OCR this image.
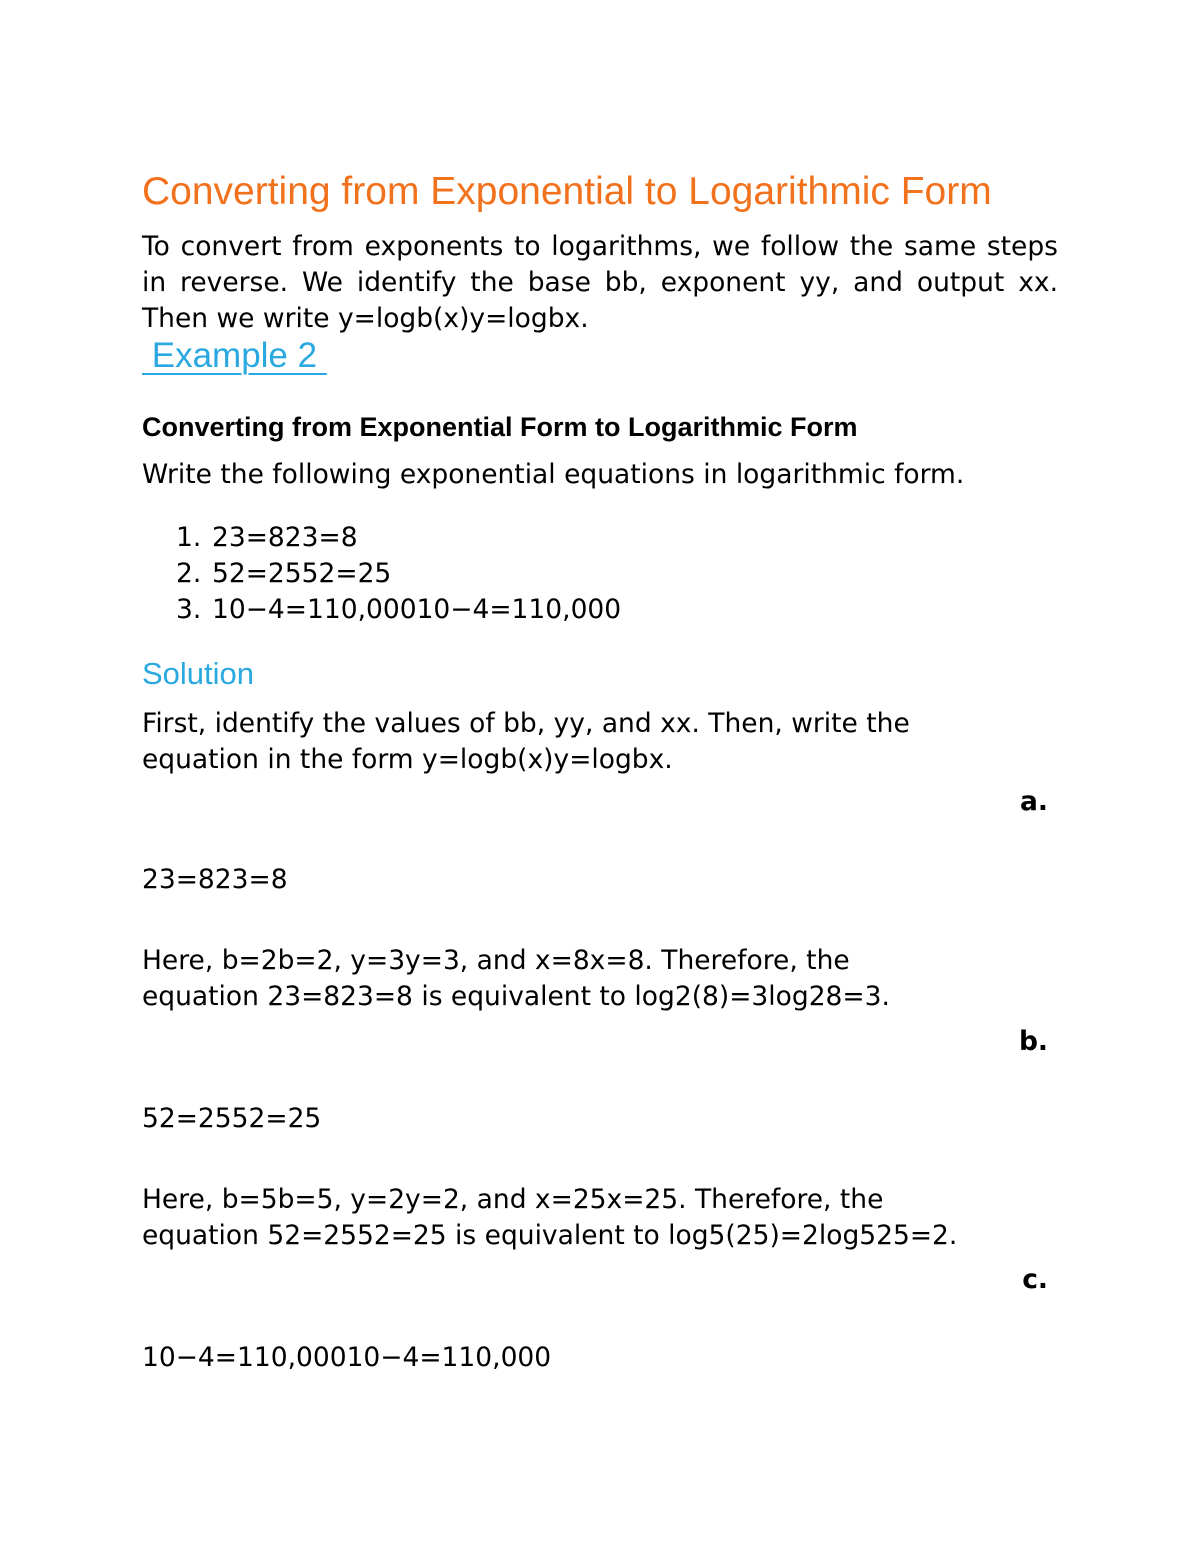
Converting from Exponential to Logarithmic Form

To convert from exponents to logarithms, we follow the same steps in reverse. We identify the base bb, exponent yy, and output xx. Then we write y=logb(x)y=logbx.

Example 2
Converting from Exponential Form to Logarithmic Form

Write the following exponential equations in logarithmic form.

1. 23=823=8
2. 52=2552=25
3. 10−4=110,00010−4=110,000
Solution

First, identify the values of bb, yy, and xx. Then, write the
equation in the form y=logb(x)y=logbx.

a.

23=823=8

Here, b=2b=2, y=3y=3, and x=8x=8. Therefore, the
equation 23=823=8 is equivalent to log2(8)=3log28=3.

b.

52=2552=25

Here, b=5b=5, y=2y=2, and x=25x=25. Therefore, the
equation 52=2552=25 is equivalent to log5(25)=2log525=2.

c.

10−4=110,00010−4=110,000
